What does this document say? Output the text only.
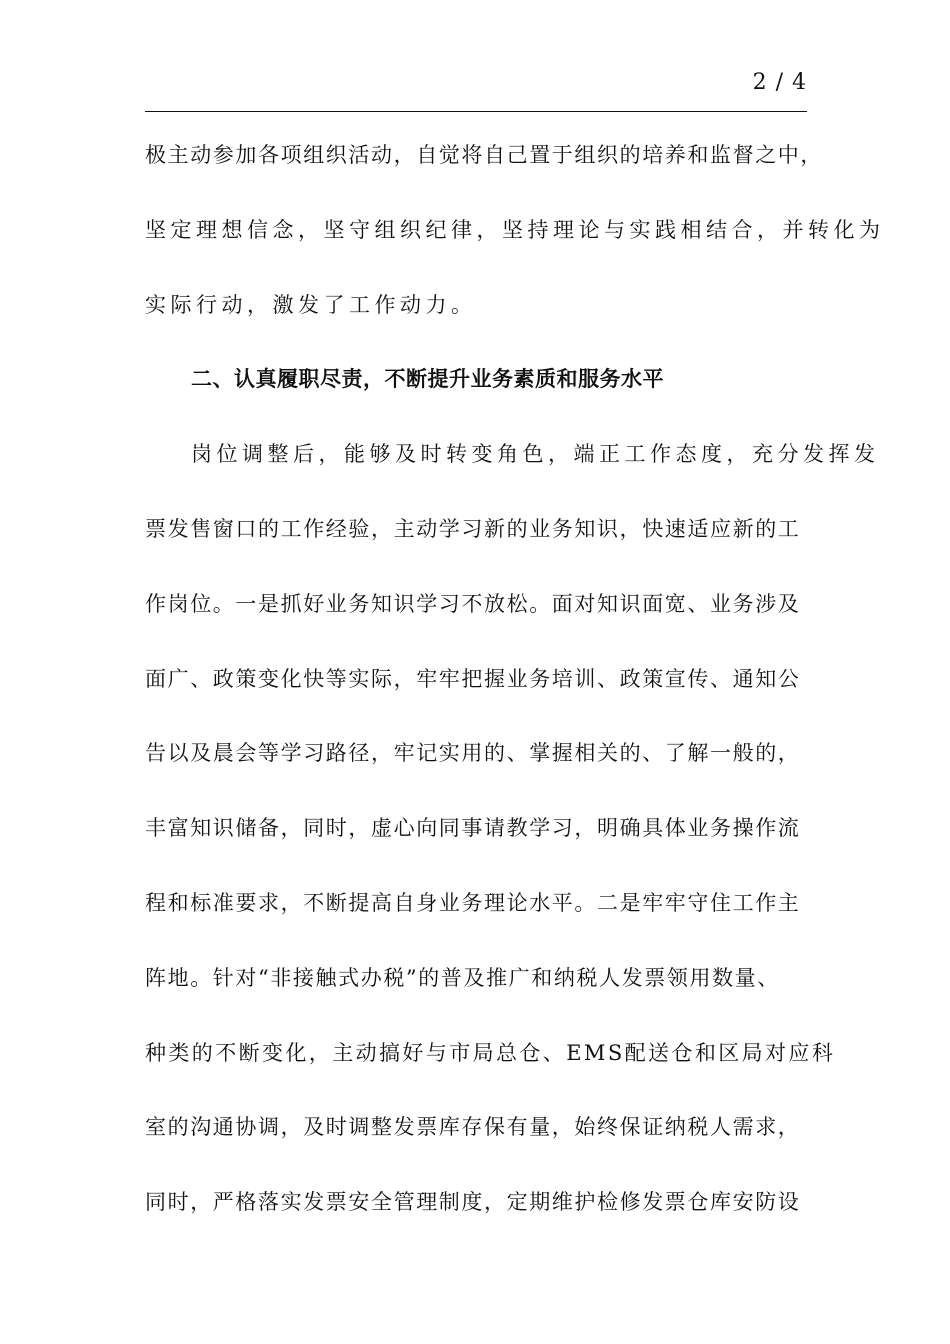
2 / 4
极主动参加各项组织活动，自觉将自己置于组织的培养和监督之中，
坚定理想信念，坚守组织纪律，坚持理论与实践相结合，并转化为
实际行动，激发了工作动力。
二、认真履职尽责，不断提升业务素质和服务水平
岗位调整后，能够及时转变角色，端正工作态度，充分发挥发
票发售窗口的工作经验，主动学习新的业务知识，快速适应新的工
作岗位。一是抓好业务知识学习不放松。面对知识面宽、业务涉及
面广、政策变化快等实际，牢牢把握业务培训、政策宣传、通知公
告以及晨会等学习路径，牢记实用的、掌握相关的、了解一般的，
丰富知识储备，同时，虚心向同事请教学习，明确具体业务操作流
程和标准要求，不断提高自身业务理论水平。二是牢牢守住工作主
阵地。针对“非接触式办税”的普及推广和纳税人发票领用数量、
种类的不断变化，主动搞好与市局总仓、EMS配送仓和区局对应科
室的沟通协调，及时调整发票库存保有量，始终保证纳税人需求，
同时，严格落实发票安全管理制度，定期维护检修发票仓库安防设
